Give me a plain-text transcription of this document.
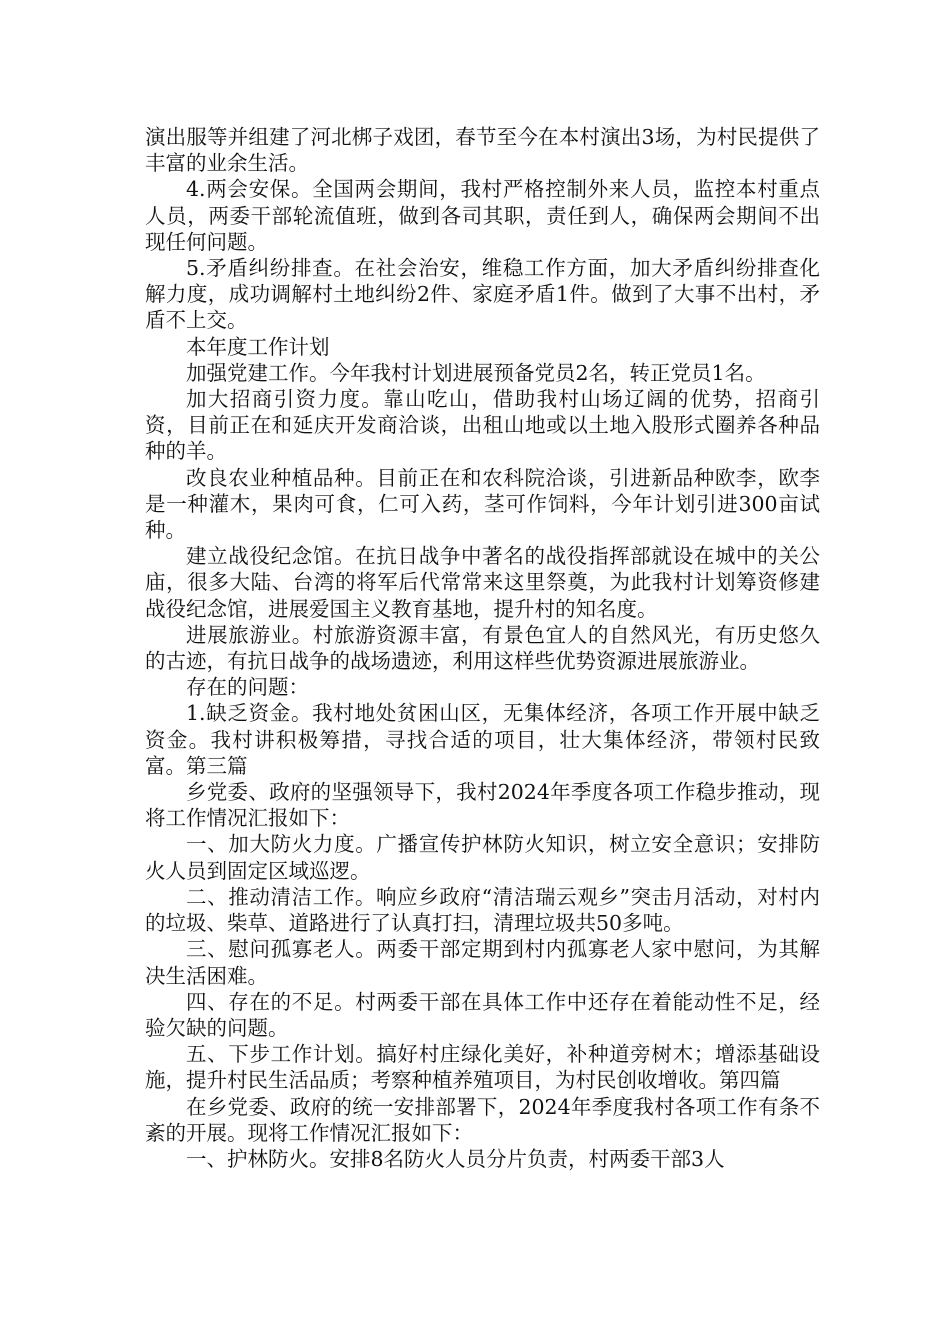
演出服等并组建了河北梆子戏团，春节至今在本村演出3场，为村民提供了丰富的业余生活。

4.两会安保。全国两会期间，我村严格控制外来人员，监控本村重点人员，两委干部轮流值班，做到各司其职，责任到人，确保两会期间不出现任何问题。

5.矛盾纠纷排查。在社会治安，维稳工作方面，加大矛盾纠纷排查化解力度，成功调解村土地纠纷2件、家庭矛盾1件。做到了大事不出村，矛盾不上交。

本年度工作计划

加强党建工作。今年我村计划进展预备党员2名，转正党员1名。

加大招商引资力度。靠山吃山，借助我村山场辽阔的优势，招商引资，目前正在和延庆开发商洽谈，出租山地或以土地入股形式圈养各种品种的羊。

改良农业种植品种。目前正在和农科院洽谈，引进新品种欧李，欧李是一种灌木，果肉可食，仁可入药，茎可作饲料，今年计划引进300亩试种。

建立战役纪念馆。在抗日战争中著名的战役指挥部就设在城中的关公庙，很多大陆、台湾的将军后代常常来这里祭奠，为此我村计划筹资修建战役纪念馆，进展爱国主义教育基地，提升村的知名度。

进展旅游业。村旅游资源丰富，有景色宜人的自然风光，有历史悠久的古迹，有抗日战争的战场遗迹，利用这样些优势资源进展旅游业。

存在的问题：

1.缺乏资金。我村地处贫困山区，无集体经济，各项工作开展中缺乏资金。我村讲积极筹措，寻找合适的项目，壮大集体经济，带领村民致富。第三篇

乡党委、政府的坚强领导下，我村2024年季度各项工作稳步推动，现将工作情况汇报如下：

一、加大防火力度。广播宣传护林防火知识，树立安全意识；安排防火人员到固定区域巡逻。

二、推动清洁工作。响应乡政府“清洁瑞云观乡”突击月活动，对村内的垃圾、柴草、道路进行了认真打扫，清理垃圾共50多吨。

三、慰问孤寡老人。两委干部定期到村内孤寡老人家中慰问，为其解决生活困难。

四、存在的不足。村两委干部在具体工作中还存在着能动性不足，经验欠缺的问题。

五、下步工作计划。搞好村庄绿化美好，补种道旁树木；增添基础设施，提升村民生活品质；考察种植养殖项目，为村民创收增收。第四篇

在乡党委、政府的统一安排部署下，2024年季度我村各项工作有条不紊的开展。现将工作情况汇报如下：

一、护林防火。安排8名防火人员分片负责，村两委干部3人
